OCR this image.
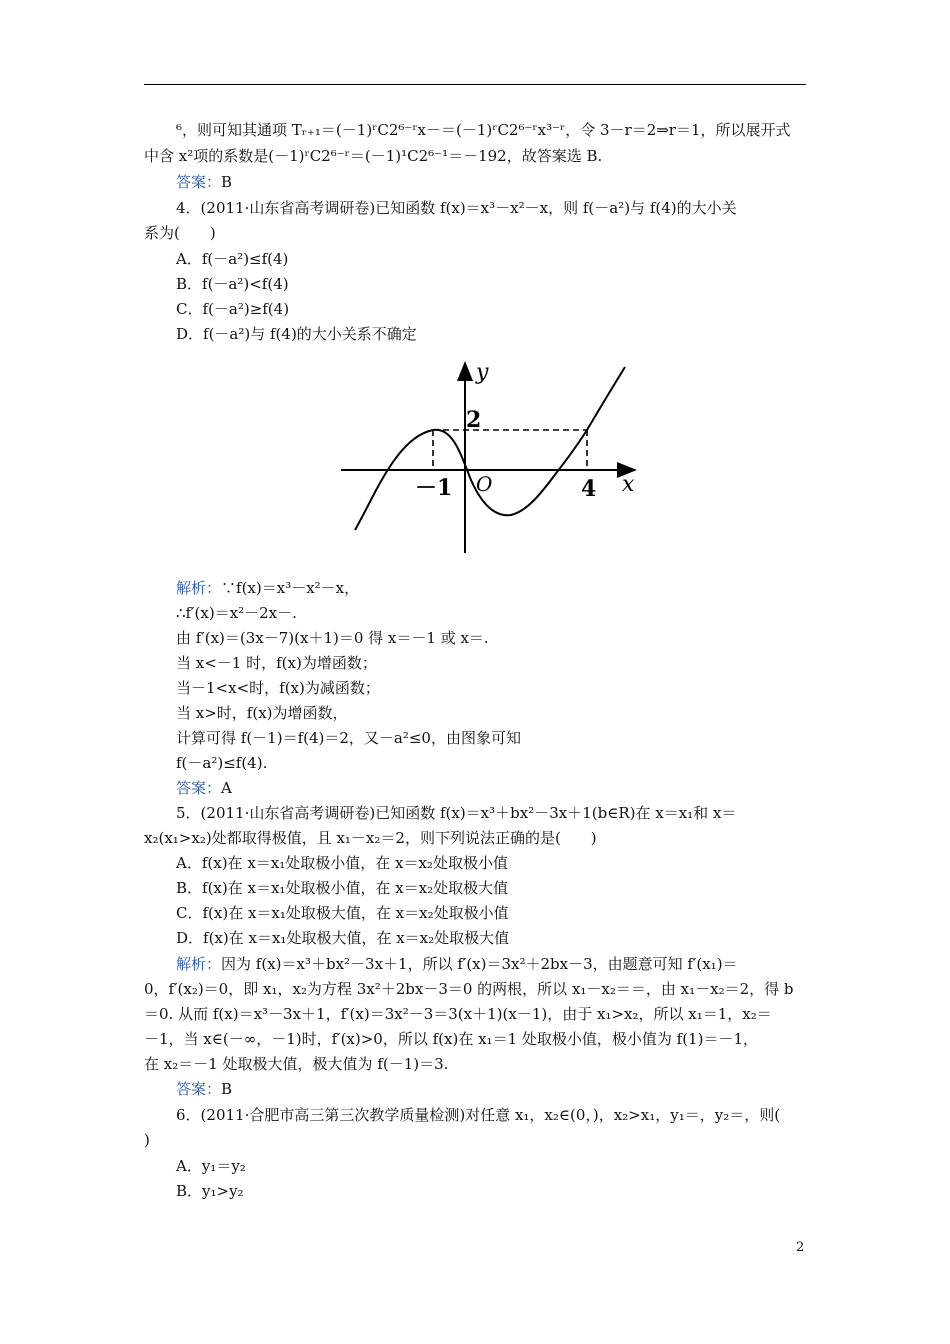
⁶，则可知其通项 Tᵣ₊₁＝(－1)ʳC2⁶⁻ʳx－＝(－1)ʳC2⁶⁻ʳx³⁻ʳ，令 3－r＝2⇒r＝1，所以展开式
中含 x²项的系数是(－1)ʳC2⁶⁻ʳ＝(－1)¹C2⁶⁻¹＝－192，故答案选 B.
答案：B
4．(2011·山东省高考调研卷)已知函数 f(x)＝x³－x²－x，则 f(－a²)与 f(4)的大小关
系为(　　)
A．f(－a²)≤f(4)
B．f(－a²)<f(4)
C．f(－a²)≥f(4)
D．f(－a²)与 f(4)的大小关系不确定
解析：∵f(x)＝x³－x²－x，
∴f′(x)＝x²－2x－.
由 f′(x)＝(3x－7)(x＋1)＝0 得 x＝－1 或 x＝.
当 x<－1 时，f(x)为增函数；
当－1<x<时，f(x)为减函数；
当 x>时，f(x)为增函数，
计算可得 f(－1)＝f(4)＝2，又－a²≤0，由图象可知
f(－a²)≤f(4).
答案：A
5．(2011·山东省高考调研卷)已知函数 f(x)＝x³＋bx²－3x＋1(b∈R)在 x＝x₁和 x＝
x₂(x₁>x₂)处都取得极值，且 x₁－x₂＝2，则下列说法正确的是(　　)
A．f(x)在 x＝x₁处取极小值，在 x＝x₂处取极小值
B．f(x)在 x＝x₁处取极小值，在 x＝x₂处取极大值
C．f(x)在 x＝x₁处取极大值，在 x＝x₂处取极小值
D．f(x)在 x＝x₁处取极大值，在 x＝x₂处取极大值
解析：因为 f(x)＝x³＋bx²－3x＋1，所以 f′(x)＝3x²＋2bx－3，由题意可知 f′(x₁)＝
0，f′(x₂)＝0，即 x₁，x₂为方程 3x²＋2bx－3＝0 的两根，所以 x₁－x₂＝＝，由 x₁－x₂＝2，得 b
＝0. 从而 f(x)＝x³－3x＋1，f′(x)＝3x²－3＝3(x＋1)(x－1)，由于 x₁>x₂，所以 x₁＝1，x₂＝
－1，当 x∈(－∞，－1)时，f′(x)>0，所以 f(x)在 x₁＝1 处取极小值，极小值为 f(1)＝－1，
在 x₂＝－1 处取极大值，极大值为 f(－1)＝3.
答案：B
6．(2011·合肥市高三第三次教学质量检测)对任意 x₁，x₂∈(0，)，x₂>x₁，y₁＝，y₂＝，则(
)
A．y₁＝y₂
B．y₁>y₂
y
2
－1 O	4 x
2
